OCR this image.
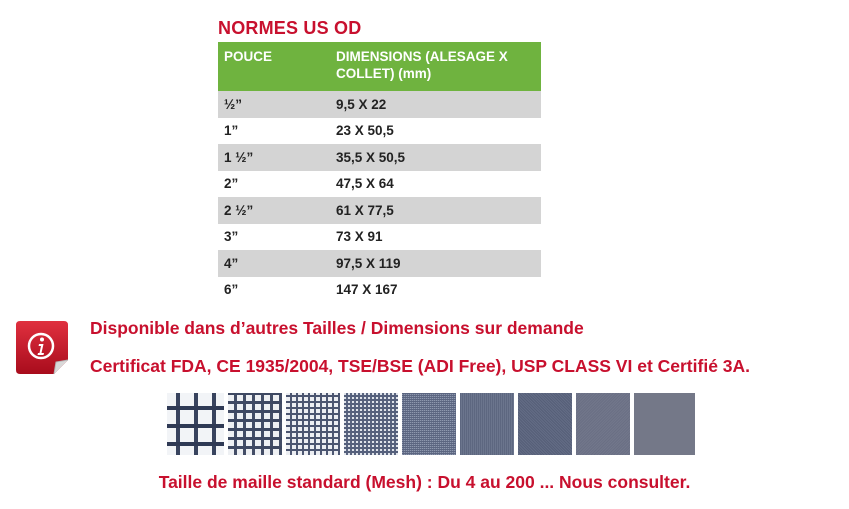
NORMES US OD
POUCE	DIMENSIONS (ALESAGE X COLLET) (mm)
½”	9,5 X 22
1”	23 X 50,5
1 ½”	35,5 X 50,5
2”	47,5 X 64
2 ½”	61 X 77,5
3”	73 X 91
4”	97,5 X 119
6”	147 X 167
Disponible dans d’autres Tailles / Dimensions sur demande
Certificat FDA, CE 1935/2004, TSE/BSE (ADI Free), USP CLASS VI et Certifié 3A.
Taille de maille standard (Mesh) : Du 4 au 200 ... Nous consulter.
